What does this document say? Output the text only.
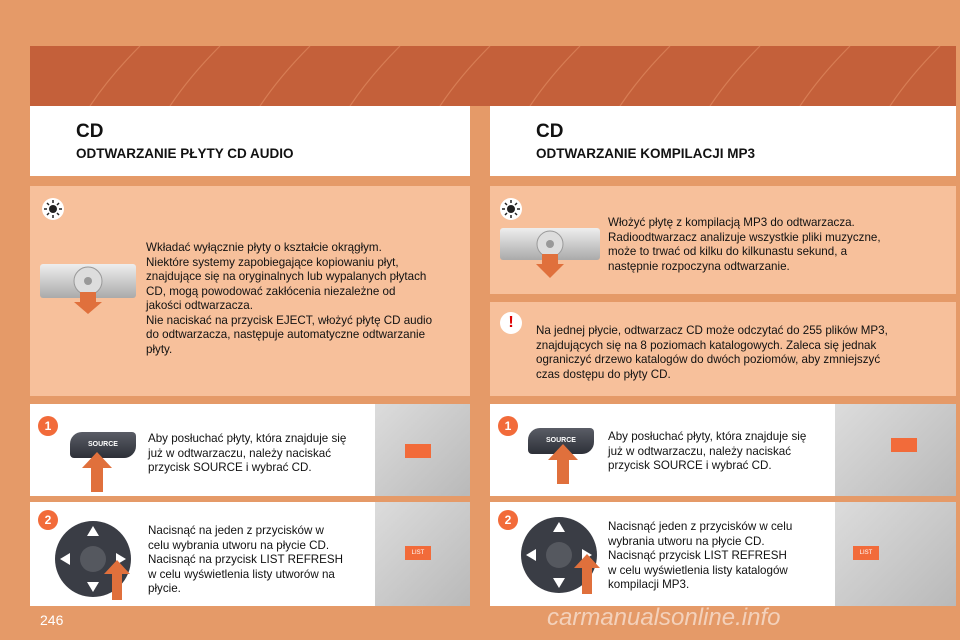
CD
ODTWARZANIE PŁYTY CD AUDIO
Wkładać wyłącznie płyty o kształcie okrągłym.
Niektóre systemy zapobiegające kopiowaniu płyt,
znajdujące się na oryginalnych lub wypalanych płytach
CD, mogą powodować zakłócenia niezależne od
jakości odtwarzacza.
Nie naciskać na przycisk EJECT, włożyć płytę CD audio
do odtwarzacza, następuje automatyczne odtwarzanie
płyty.
1
SOURCE	Aby posłuchać płyty, która znajduje się
już w odtwarzaczu, należy naciskać
przycisk SOURCE i wybrać CD.
2
Nacisnąć na jeden z przycisków w
celu wybrania utworu na płycie CD.
Nacisnąć na przycisk LIST REFRESH
w celu wyświetlenia listy utworów na
płycie.
LIST
CD
ODTWARZANIE KOMPILACJI MP3
Włożyć płytę z kompilacją MP3 do odtwarzacza.
Radioodtwarzacz analizuje wszystkie pliki muzyczne,
może to trwać od kilku do kilkunastu sekund, a
następnie rozpoczyna odtwarzanie.
!	Na jednej płycie, odtwarzacz CD może odczytać do 255 plików MP3,
znajdujących się na 8 poziomach katalogowych. Zaleca się jednak
ograniczyć drzewo katalogów do dwóch poziomów, aby zmniejszyć
czas dostępu do płyty CD.
1
SOURCE	Aby posłuchać płyty, która znajduje się
już w odtwarzaczu, należy naciskać
przycisk SOURCE i wybrać CD.
2	Nacisnąć jeden z przycisków w celu
wybrania utworu na płycie CD.
Nacisnąć przycisk LIST REFRESH
w celu wyświetlenia listy katalogów
kompilacji MP3.
LIST
246	carmanualsonline.info
